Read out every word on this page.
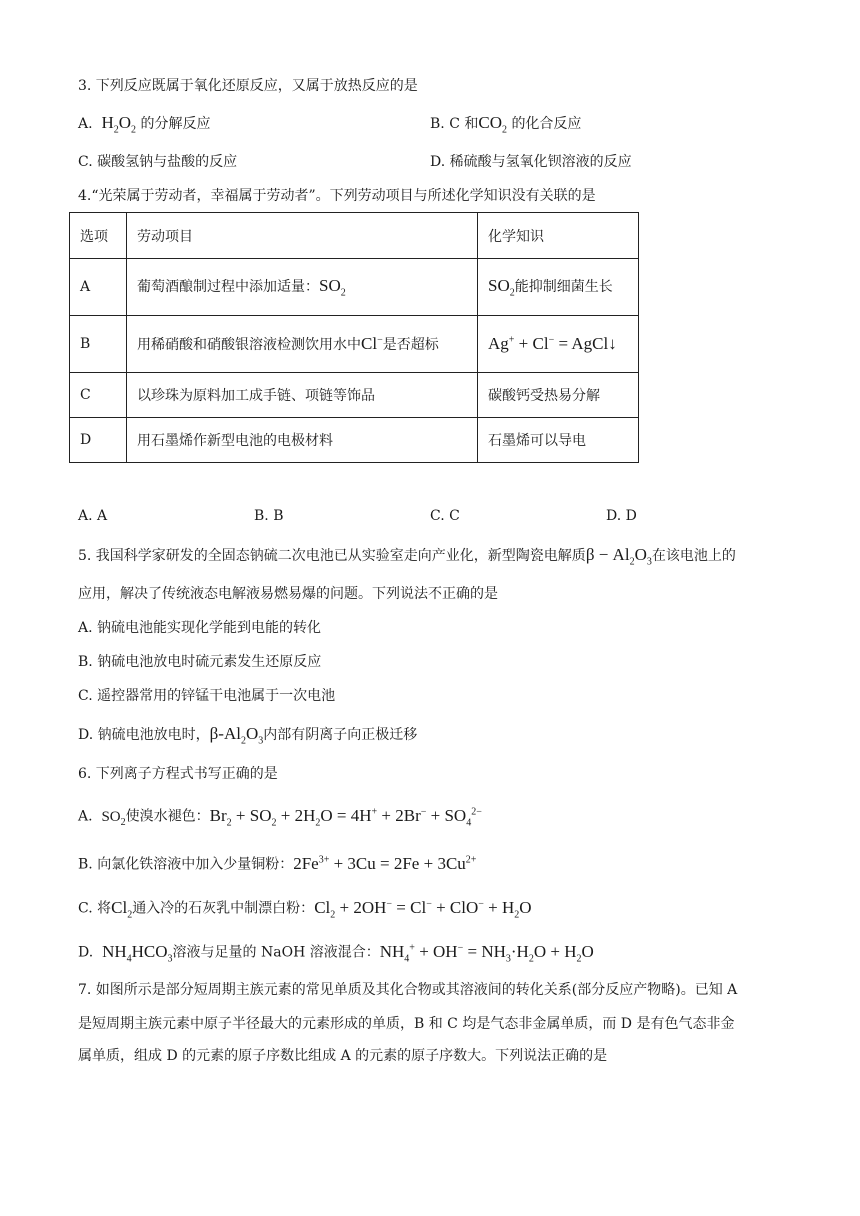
3. 下列反应既属于氧化还原反应，又属于放热反应的是
A.  $H_2O_2$ 的分解反应	B. C 和$CO_2$ 的化合反应
C. 碳酸氢钠与盐酸的反应	D. 稀硫酸与氢氧化钡溶液的反应
4.“光荣属于劳动者，幸福属于劳动者”。下列劳动项目与所述化学知识没有关联的是
选项	劳动项目	化学知识
A	葡萄酒酿制过程中添加适量：$SO_2$	$SO_2$能抑制细菌生长
B	用稀硝酸和硝酸银溶液检测饮用水中Cl−是否超标	Ag+ + Cl− = AgCl↓
C	以珍珠为原料加工成手链、项链等饰品	碳酸钙受热易分解
D	用石墨烯作新型电池的电极材料	石墨烯可以导电
A. A	B. B	C. C	D. D
5. 我国科学家研发的全固态钠硫二次电池已从实验室走向产业化，新型陶瓷电解质$\beta - Al_2O_3$在该电池上的
应用，解决了传统液态电解液易燃易爆的问题。下列说法不正确的是
A. 钠硫电池能实现化学能到电能的转化
B. 钠硫电池放电时硫元素发生还原反应
C. 遥控器常用的锌锰干电池属于一次电池
D. 钠硫电池放电时，$\beta-Al_2O_3$内部有阴离子向正极迁移
6. 下列离子方程式书写正确的是
A.  $SO_2$使溴水褪色：$Br_2 + SO_2 + 2H_2O = 4H^+ + 2Br^- + SO_4^{2-}$
B. 向氯化铁溶液中加入少量铜粉：$2Fe^{3+} + 3Cu = 2Fe + 3Cu^{2+}$
C. 将$Cl_2$通入冷的石灰乳中制漂白粉：$Cl_2 + 2OH^- = Cl^- + ClO^- + H_2O$
D.  $NH_4HCO_3$溶液与足量的 NaOH 溶液混合：$NH_4^+ + OH^- = NH_3\cdot H_2O + H_2O$
7. 如图所示是部分短周期主族元素的常见单质及其化合物或其溶液间的转化关系(部分反应产物略)。已知 A
是短周期主族元素中原子半径最大的元素形成的单质，B 和 C 均是气态非金属单质，而 D 是有色气态非金
属单质，组成 D 的元素的原子序数比组成 A 的元素的原子序数大。下列说法正确的是
